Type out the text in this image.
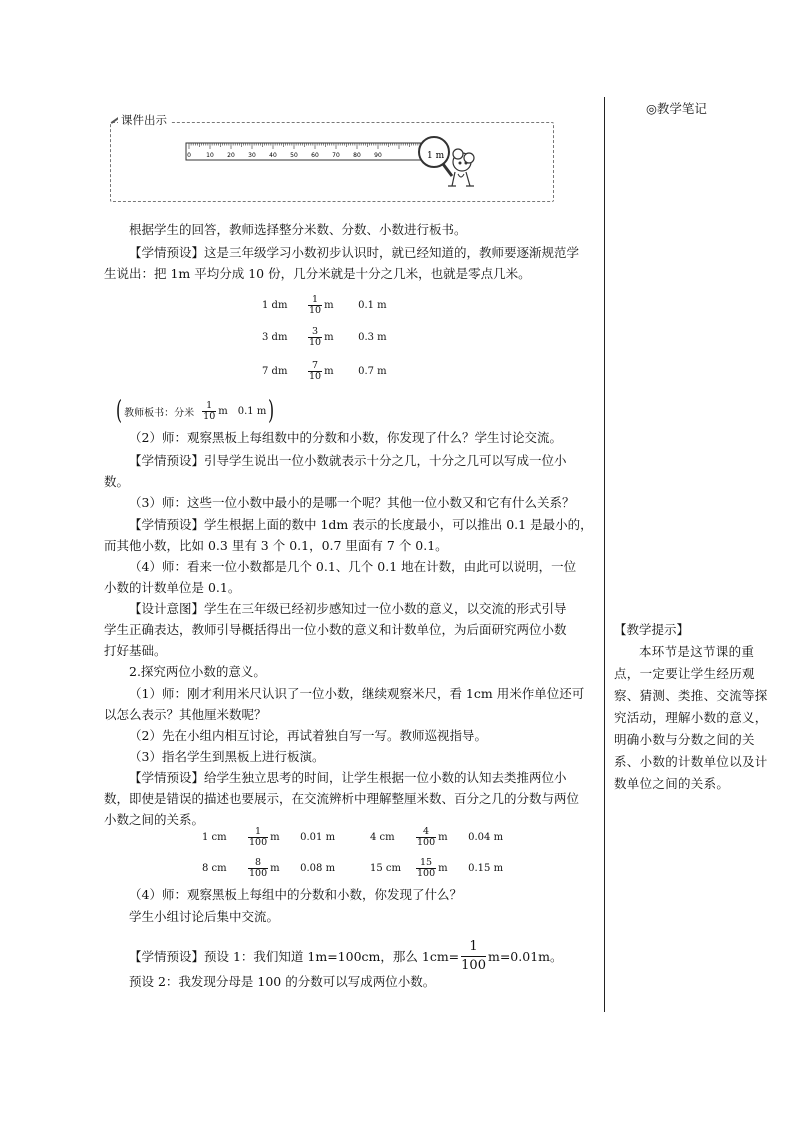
◎教学笔记
【教学提示】
本环节是这节课的重点，一定要让学生经历观察、猜测、类推、交流等探究活动，理解小数的意义，明确小数与分数之间的关系、小数的计数单位以及计数单位之间的关系。
课件出示
0	10 20 30 40 50 60 70 80 90	1 m
根据学生的回答，教师选择整分米数、分数、小数进行板书。
【学情预设】这是三年级学习小数初步认识时，就已经知道的，教师要逐渐规范学
生说出：把 1m 平均分成 10 份，几分米就是十分之几米，也就是零点几米。
（2）师：观察黑板上每组数中的分数和小数，你发现了什么？学生讨论交流。
【学情预设】引导学生说出一位小数就表示十分之几，十分之几可以写成一位小
数。
（3）师：这些一位小数中最小的是哪一个呢？其他一位小数又和它有什么关系？
【学情预设】学生根据上面的数中 1dm 表示的长度最小，可以推出 0.1 是最小的，
而其他小数，比如 0.3 里有 3 个 0.1，0.7 里面有 7 个 0.1。
（4）师：看来一位小数都是几个 0.1、几个 0.1 地在计数，由此可以说明，一位
小数的计数单位是 0.1。
【设计意图】学生在三年级已经初步感知过一位小数的意义，以交流的形式引导
学生正确表达，教师引导概括得出一位小数的意义和计数单位，为后面研究两位小数
打好基础。
2.探究两位小数的意义。
（1）师：刚才利用米尺认识了一位小数，继续观察米尺，看 1cm 用米作单位还可
以怎么表示？其他厘米数呢？
（2）先在小组内相互讨论，再试着独自写一写。教师巡视指导。
（3）指名学生到黑板上进行板演。
【学情预设】给学生独立思考的时间，让学生根据一位小数的认知去类推两位小
数，即使是错误的描述也要展示，在交流辨析中理解整厘米数、百分之几的分数与两位
小数之间的关系。
（4）师：观察黑板上每组中的分数和小数，你发现了什么？
学生小组讨论后集中交流。
【学情预设】预设 1：我们知道 1m=100cm，那么 $1cm= \frac{1}{100} m=0.01m$。
预设 2：我发现分母是 100 的分数可以写成两位小数。
1 dm	$\frac{1}{10}$ m	0.1 m
3 dm	$\frac{3}{10}$ m	0.3 m
7 dm	$\frac{7}{10}$ m	0.7 m
( 教师板书：分米 $\frac{1}{10}$ m 0.1 m )
1 cm	$\frac{1}{100}$ m	0.01 m	4 cm	$\frac{4}{100}$ m	0.04 m
8 cm	$\frac{8}{100}$ m	0.08 m	15 cm	$\frac{15}{100}$ m	0.15 m
